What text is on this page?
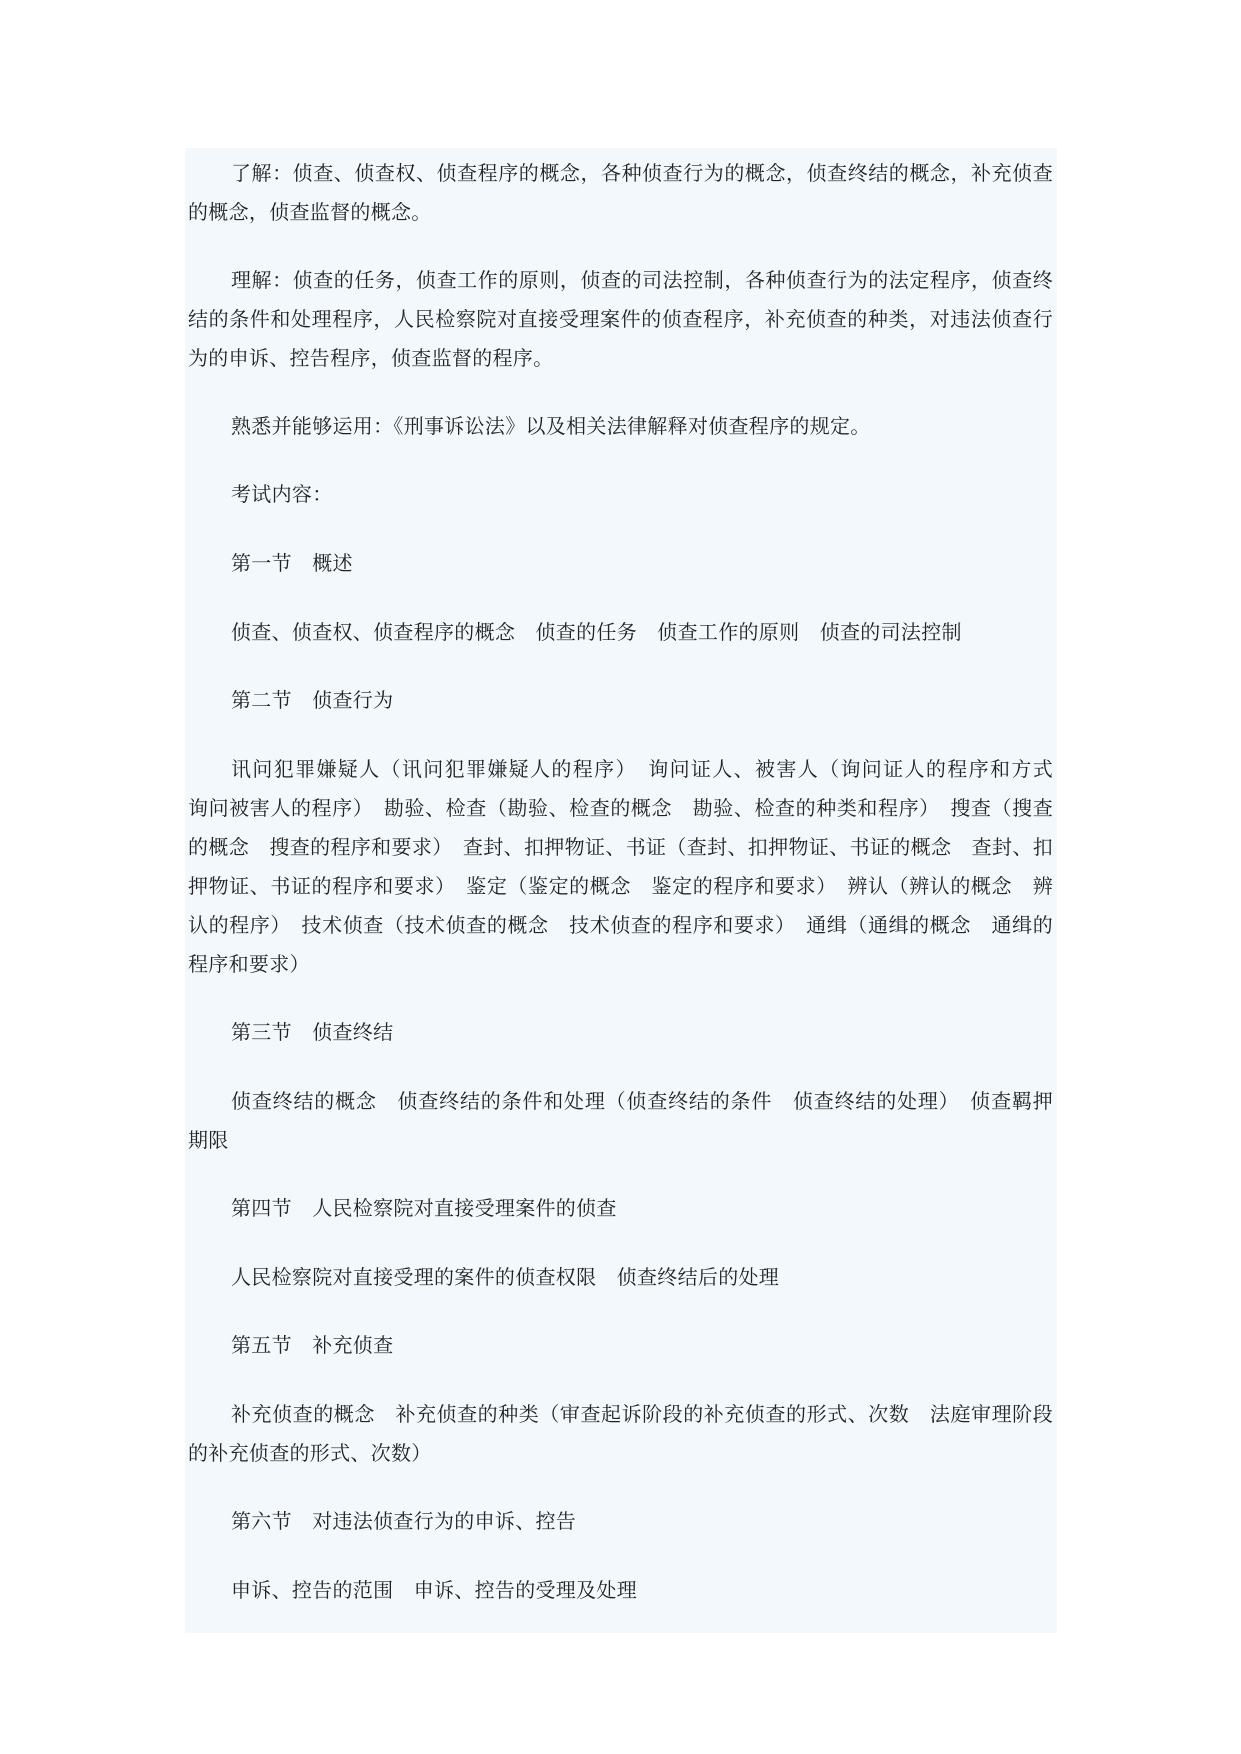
了解：侦查、侦查权、侦查程序的概念，各种侦查行为的概念，侦查终结的概念，补充侦查的概念，侦查监督的概念。

理解：侦查的任务，侦查工作的原则，侦查的司法控制，各种侦查行为的法定程序，侦查终结的条件和处理程序，人民检察院对直接受理案件的侦查程序，补充侦查的种类，对违法侦查行为的申诉、控告程序，侦查监督的程序。

熟悉并能够运用：《刑事诉讼法》以及相关法律解释对侦查程序的规定。

考试内容：

第一节　概述

侦查、侦查权、侦查程序的概念　侦查的任务　侦查工作的原则　侦查的司法控制

第二节　侦查行为

讯问犯罪嫌疑人（讯问犯罪嫌疑人的程序）　询问证人、被害人（询问证人的程序和方式　询问被害人的程序）　勘验、检查（勘验、检查的概念　勘验、检查的种类和程序）　搜查（搜查的概念　搜查的程序和要求）　查封、扣押物证、书证（查封、扣押物证、书证的概念　查封、扣押物证、书证的程序和要求）　鉴定（鉴定的概念　鉴定的程序和要求）　辨认（辨认的概念　辨认的程序）　技术侦查（技术侦查的概念　技术侦查的程序和要求）　通缉（通缉的概念　通缉的程序和要求）

第三节　侦查终结

侦查终结的概念　侦查终结的条件和处理（侦查终结的条件　侦查终结的处理）　侦查羁押期限

第四节　人民检察院对直接受理案件的侦查

人民检察院对直接受理的案件的侦查权限　侦查终结后的处理

第五节　补充侦查

补充侦查的概念　补充侦查的种类（审查起诉阶段的补充侦查的形式、次数　法庭审理阶段的补充侦查的形式、次数）

第六节　对违法侦查行为的申诉、控告

申诉、控告的范围　申诉、控告的受理及处理
